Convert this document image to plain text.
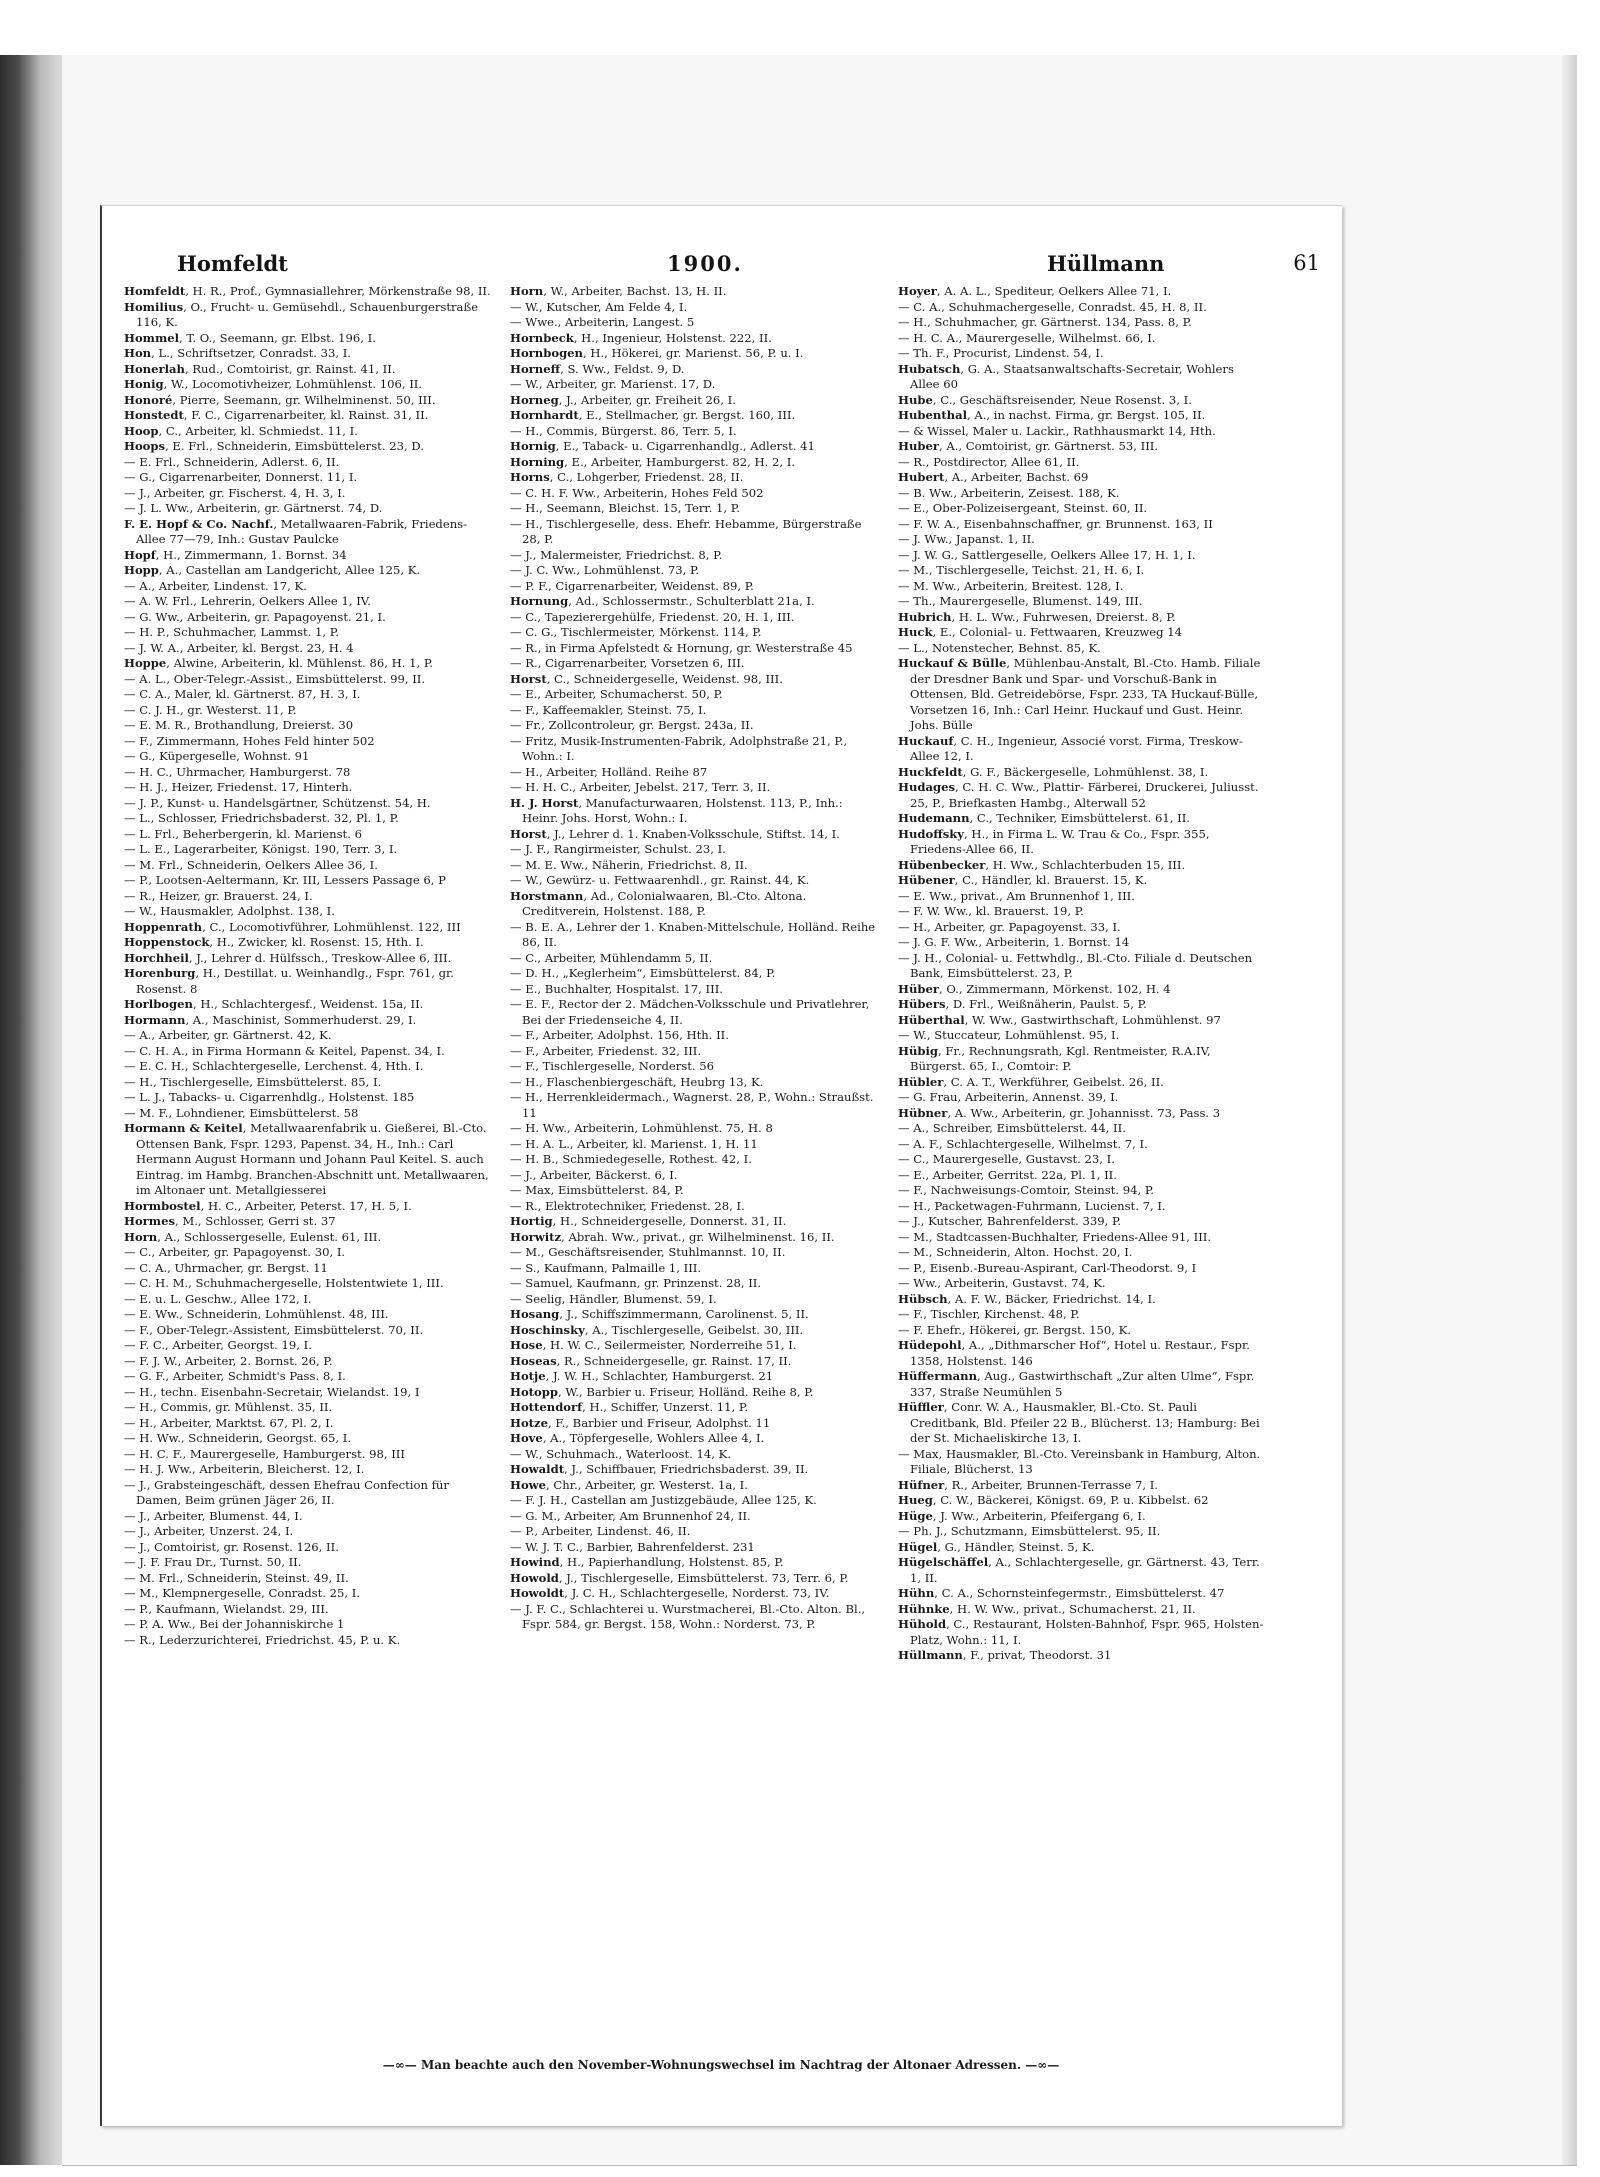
Homfeldt	1900.	Hüllmann	61
Homfeldt, H. R., Prof., Gymnasiallehrer, Mörkenstraße 98, II.
Homilius, O., Frucht- u. Gemüsehdl., Schauenburgerstraße 116, K.
Hommel, T. O., Seemann, gr. Elbst. 196, I.
Hon, L., Schriftsetzer, Conradst. 33, I.
Honerlah, Rud., Comtoirist, gr. Rainst. 41, II.
Honig, W., Locomotivheizer, Lohmühlenst. 106, II.
Honoré, Pierre, Seemann, gr. Wilhelminenst. 50, III.
Honstedt, F. C., Cigarrenarbeiter, kl. Rainst. 31, II.
Hoop, C., Arbeiter, kl. Schmiedst. 11, I.
Hoops, E. Frl., Schneiderin, Eimsbüttelerst. 23, D.
— E. Frl., Schneiderin, Adlerst. 6, II.
— G., Cigarrenarbeiter, Donnerst. 11, I.
— J., Arbeiter, gr. Fischerst. 4, H. 3, I.
— J. L. Ww., Arbeiterin, gr. Gärtnerst. 74, D.
F. E. Hopf & Co. Nachf., Metallwaaren-Fabrik, Friedens-Allee 77—79, Inh.: Gustav Paulcke
Hopf, H., Zimmermann, 1. Bornst. 34
Hopp, A., Castellan am Landgericht, Allee 125, K.
— A., Arbeiter, Lindenst. 17, K.
— A. W. Frl., Lehrerin, Oelkers Allee 1, IV.
— G. Ww., Arbeiterin, gr. Papagoyenst. 21, I.
— H. P., Schuhmacher, Lammst. 1, P.
— J. W. A., Arbeiter, kl. Bergst. 23, H. 4
Hoppe, Alwine, Arbeiterin, kl. Mühlenst. 86, H. 1, P.
— A. L., Ober-Telegr.-Assist., Eimsbüttelerst. 99, II.
— C. A., Maler, kl. Gärtnerst. 87, H. 3, I.
— C. J. H., gr. Westerst. 11, P.
— E. M. R., Brothandlung, Dreierst. 30
— F., Zimmermann, Hohes Feld hinter 502
— G., Küpergeselle, Wohnst. 91
— H. C., Uhrmacher, Hamburgerst. 78
— H. J., Heizer, Friedenst. 17, Hinterh.
— J. P., Kunst- u. Handelsgärtner, Schützenst. 54, H.
— L., Schlosser, Friedrichsbaderst. 32, Pl. 1, P.
— L. Frl., Beherbergerin, kl. Marienst. 6
— L. E., Lagerarbeiter, Königst. 190, Terr. 3, I.
— M. Frl., Schneiderin, Oelkers Allee 36, I.
— P., Lootsen-Aeltermann, Kr. III, Lessers Passage 6, P
— R., Heizer, gr. Brauerst. 24, I.
— W., Hausmakler, Adolphst. 138, I.
Hoppenrath, C., Locomotivführer, Lohmühlenst. 122, III
Hoppenstock, H., Zwicker, kl. Rosenst. 15, Hth. I.
Horchheil, J., Lehrer d. Hülfssch., Treskow-Allee 6, III.
Horenburg, H., Destillat. u. Weinhandlg., Fspr. 761, gr. Rosenst. 8
Horlbogen, H., Schlachtergesf., Weidenst. 15a, II.
Hormann, A., Maschinist, Sommerhuderst. 29, I.
— A., Arbeiter, gr. Gärtnerst. 42, K.
— C. H. A., in Firma Hormann & Keitel, Papenst. 34, I.
— E. C. H., Schlachtergeselle, Lerchenst. 4, Hth. I.
— H., Tischlergeselle, Eimsbüttelerst. 85, I.
— L. J., Tabacks- u. Cigarrenhdlg., Holstenst. 185
— M. F., Lohndiener, Eimsbüttelerst. 58
Hormann & Keitel, Metallwaarenfabrik u. Gießerei, Bl.-Cto. Ottensen Bank, Fspr. 1293, Papenst. 34, H., Inh.: Carl Hermann August Hormann und Johann Paul Keitel. S. auch Eintrag. im Hambg. Branchen-Abschnitt unt. Metallwaaren, im Altonaer unt. Metallgiesserei
Hormbostel, H. C., Arbeiter, Peterst. 17, H. 5, I.
Hormes, M., Schlosser, Gerri st. 37
Horn, A., Schlossergeselle, Eulenst. 61, III.
— C., Arbeiter, gr. Papagoyenst. 30, I.
— C. A., Uhrmacher, gr. Bergst. 11
— C. H. M., Schuhmachergeselle, Holstentwiete 1, III.
— E. u. L. Geschw., Allee 172, I.
— E. Ww., Schneiderin, Lohmühlenst. 48, III.
— F., Ober-Telegr.-Assistent, Eimsbüttelerst. 70, II.
— F. C., Arbeiter, Georgst. 19, I.
— F. J. W., Arbeiter, 2. Bornst. 26, P.
— G. F., Arbeiter, Schmidt's Pass. 8, I.
— H., techn. Eisenbahn-Secretair, Wielandst. 19, I
— H., Commis, gr. Mühlenst. 35, II.
— H., Arbeiter, Marktst. 67, Pl. 2, I.
— H. Ww., Schneiderin, Georgst. 65, I.
— H. C. F., Maurergeselle, Hamburgerst. 98, III
— H. J. Ww., Arbeiterin, Bleicherst. 12, I.
— J., Grabsteingeschäft, dessen Ehefrau Confection für Damen, Beim grünen Jäger 26, II.
— J., Arbeiter, Blumenst. 44, I.
— J., Arbeiter, Unzerst. 24, I.
— J., Comtoirist, gr. Rosenst. 126, II.
— J. F. Frau Dr., Turnst. 50, II.
— M. Frl., Schneiderin, Steinst. 49, II.
— M., Klempnergeselle, Conradst. 25, I.
— P., Kaufmann, Wielandst. 29, III.
— P. A. Ww., Bei der Johanniskirche 1
— R., Lederzurichterei, Friedrichst. 45, P. u. K.
Horn, W., Arbeiter, Bachst. 13, H. II.
— W., Kutscher, Am Felde 4, I.
— Wwe., Arbeiterin, Langest. 5
Hornbeck, H., Ingenieur, Holstenst. 222, II.
Hornbogen, H., Hökerei, gr. Marienst. 56, P. u. I.
Horneff, S. Ww., Feldst. 9, D.
— W., Arbeiter, gr. Marienst. 17, D.
Horneg, J., Arbeiter, gr. Freiheit 26, I.
Hornhardt, E., Stellmacher, gr. Bergst. 160, III.
— H., Commis, Bürgerst. 86, Terr. 5, I.
Hornig, E., Taback- u. Cigarrenhandlg., Adlerst. 41
Horning, E., Arbeiter, Hamburgerst. 82, H. 2, I.
Horns, C., Lohgerber, Friedenst. 28, II.
— C. H. F. Ww., Arbeiterin, Hohes Feld 502
— H., Seemann, Bleichst. 15, Terr. 1, P.
— H., Tischlergeselle, dess. Ehefr. Hebamme, Bürgerstraße 28, P.
— J., Malermeister, Friedrichst. 8, P.
— J. C. Ww., Lohmühlenst. 73, P.
— P. F., Cigarrenarbeiter, Weidenst. 89, P.
Hornung, Ad., Schlossermstr., Schulterblatt 21a, I.
— C., Tapezierergehülfe, Friedenst. 20, H. 1, III.
— C. G., Tischlermeister, Mörkenst. 114, P.
— R., in Firma Apfelstedt & Hornung, gr. Westerstraße 45
— R., Cigarrenarbeiter, Vorsetzen 6, III.
Horst, C., Schneidergeselle, Weidenst. 98, III.
— E., Arbeiter, Schumacherst. 50, P.
— F., Kaffeemakler, Steinst. 75, I.
— Fr., Zollcontroleur, gr. Bergst. 243a, II.
— Fritz, Musik-Instrumenten-Fabrik, Adolphstraße 21, P., Wohn.: I.
— H., Arbeiter, Holländ. Reihe 87
— H. H. C., Arbeiter, Jebelst. 217, Terr. 3, II.
H. J. Horst, Manufacturwaaren, Holstenst. 113, P., Inh.: Heinr. Johs. Horst, Wohn.: I.
Horst, J., Lehrer d. 1. Knaben-Volksschule, Stiftst. 14, I.
— J. F., Rangirmeister, Schulst. 23, I.
— M. E. Ww., Näherin, Friedrichst. 8, II.
— W., Gewürz- u. Fettwaarenhdl., gr. Rainst. 44, K.
Horstmann, Ad., Colonialwaaren, Bl.-Cto. Altona. Creditverein, Holstenst. 188, P.
— B. E. A., Lehrer der 1. Knaben-Mittelschule, Holländ. Reihe 86, II.
— C., Arbeiter, Mühlendamm 5, II.
— D. H., „Keglerheim“, Eimsbüttelerst. 84, P.
— E., Buchhalter, Hospitalst. 17, III.
— E. F., Rector der 2. Mädchen-Volksschule und Privatlehrer, Bei der Friedenseiche 4, II.
— F., Arbeiter, Adolphst. 156, Hth. II.
— F., Arbeiter, Friedenst. 32, III.
— F., Tischlergeselle, Norderst. 56
— H., Flaschenbiergeschäft, Heubrg 13, K.
— H., Herrenkleidermach., Wagnerst. 28, P., Wohn.: Straußst. 11
— H. Ww., Arbeiterin, Lohmühlenst. 75, H. 8
— H. A. L., Arbeiter, kl. Marienst. 1, H. 11
— H. B., Schmiedegeselle, Rothest. 42, I.
— J., Arbeiter, Bäckerst. 6, I.
— Max, Eimsbüttelerst. 84, P.
— R., Elektrotechniker, Friedenst. 28, I.
Hortig, H., Schneidergeselle, Donnerst. 31, II.
Horwitz, Abrah. Ww., privat., gr. Wilhelminenst. 16, II.
— M., Geschäftsreisender, Stuhlmannst. 10, II.
— S., Kaufmann, Palmaille 1, III.
— Samuel, Kaufmann, gr. Prinzenst. 28, II.
— Seelig, Händler, Blumenst. 59, I.
Hosang, J., Schiffszimmermann, Carolinenst. 5, II.
Hoschinsky, A., Tischlergeselle, Geibelst. 30, III.
Hose, H. W. C., Seilermeister, Norderreihe 51, I.
Hoseas, R., Schneidergeselle, gr. Rainst. 17, II.
Hotje, J. W. H., Schlachter, Hamburgerst. 21
Hotopp, W., Barbier u. Friseur, Holländ. Reihe 8, P.
Hottendorf, H., Schiffer, Unzerst. 11, P.
Hotze, F., Barbier und Friseur, Adolphst. 11
Hove, A., Töpfergeselle, Wohlers Allee 4, I.
— W., Schuhmach., Waterloost. 14, K.
Howaldt, J., Schiffbauer, Friedrichsbaderst. 39, II.
Howe, Chr., Arbeiter, gr. Westerst. 1a, I.
— F. J. H., Castellan am Justizgebäude, Allee 125, K.
— G. M., Arbeiter, Am Brunnenhof 24, II.
— P., Arbeiter, Lindenst. 46, II.
— W. J. T. C., Barbier, Bahrenfelderst. 231
Howind, H., Papierhandlung, Holstenst. 85, P.
Howold, J., Tischlergeselle, Eimsbüttelerst. 73, Terr. 6, P.
Howoldt, J. C. H., Schlachtergeselle, Norderst. 73, IV.
— J. F. C., Schlachterei u. Wurstmacherei, Bl.-Cto. Alton. Bl., Fspr. 584, gr. Bergst. 158, Wohn.: Norderst. 73, P.
Hoyer, A. A. L., Spediteur, Oelkers Allee 71, I.
— C. A., Schuhmachergeselle, Conradst. 45, H. 8, II.
— H., Schuhmacher, gr. Gärtnerst. 134, Pass. 8, P.
— H. C. A., Maurergeselle, Wilhelmst. 66, I.
— Th. F., Procurist, Lindenst. 54, I.
Hubatsch, G. A., Staatsanwaltschafts-Secretair, Wohlers Allee 60
Hube, C., Geschäftsreisender, Neue Rosenst. 3, I.
Hubenthal, A., in nachst. Firma, gr. Bergst. 105, II.
— & Wissel, Maler u. Lackir., Rathhausmarkt 14, Hth.
Huber, A., Comtoirist, gr. Gärtnerst. 53, III.
— R., Postdirector, Allee 61, II.
Hubert, A., Arbeiter, Bachst. 69
— B. Ww., Arbeiterin, Zeisest. 188, K.
— E., Ober-Polizeisergeant, Steinst. 60, II.
— F. W. A., Eisenbahnschaffner, gr. Brunnenst. 163, II
— J. Ww., Japanst. 1, II.
— J. W. G., Sattlergeselle, Oelkers Allee 17, H. 1, I.
— M., Tischlergeselle, Teichst. 21, H. 6, I.
— M. Ww., Arbeiterin, Breitest. 128, I.
— Th., Maurergeselle, Blumenst. 149, III.
Hubrich, H. L. Ww., Fuhrwesen, Dreierst. 8, P.
Huck, E., Colonial- u. Fettwaaren, Kreuzweg 14
— L., Notenstecher, Behnst. 85, K.
Huckauf & Bülle, Mühlenbau-Anstalt, Bl.-Cto. Hamb. Filiale der Dresdner Bank und Spar- und Vorschuß-Bank in Ottensen, Bld. Getreidebörse, Fspr. 233, TA Huckauf-Bülle, Vorsetzen 16, Inh.: Carl Heinr. Huckauf und Gust. Heinr. Johs. Bülle
Huckauf, C. H., Ingenieur, Associé vorst. Firma, Treskow-Allee 12, I.
Huckfeldt, G. F., Bäckergeselle, Lohmühlenst. 38, I.
Hudages, C. H. C. Ww., Plattir- Färberei, Druckerei, Juliusst. 25, P., Briefkasten Hambg., Alterwall 52
Hudemann, C., Techniker, Eimsbüttelerst. 61, II.
Hudoffsky, H., in Firma L. W. Trau & Co., Fspr. 355, Friedens-Allee 66, II.
Hübenbecker, H. Ww., Schlachterbuden 15, III.
Hübener, C., Händler, kl. Brauerst. 15, K.
— E. Ww., privat., Am Brunnenhof 1, III.
— F. W. Ww., kl. Brauerst. 19, P.
— H., Arbeiter, gr. Papagoyenst. 33, I.
— J. G. F. Ww., Arbeiterin, 1. Bornst. 14
— J. H., Colonial- u. Fettwhdlg., Bl.-Cto. Filiale d. Deutschen Bank, Eimsbüttelerst. 23, P.
Hüber, O., Zimmermann, Mörkenst. 102, H. 4
Hübers, D. Frl., Weißnäherin, Paulst. 5, P.
Hüberthal, W. Ww., Gastwirthschaft, Lohmühlenst. 97
— W., Stuccateur, Lohmühlenst. 95, I.
Hübig, Fr., Rechnungsrath, Kgl. Rentmeister, R.A.IV, Bürgerst. 65, I., Comtoir: P.
Hübler, C. A. T., Werkführer, Geibelst. 26, II.
— G. Frau, Arbeiterin, Annenst. 39, I.
Hübner, A. Ww., Arbeiterin, gr. Johannisst. 73, Pass. 3
— A., Schreiber, Eimsbüttelerst. 44, II.
— A. F., Schlachtergeselle, Wilhelmst. 7, I.
— C., Maurergeselle, Gustavst. 23, I.
— E., Arbeiter, Gerritst. 22a, Pl. 1, II.
— F., Nachweisungs-Comtoir, Steinst. 94, P.
— H., Packetwagen-Fuhrmann, Lucienst. 7, I.
— J., Kutscher, Bahrenfelderst. 339, P.
— M., Stadtcassen-Buchhalter, Friedens-Allee 91, III.
— M., Schneiderin, Alton. Hochst. 20, I.
— P., Eisenb.-Bureau-Aspirant, Carl-Theodorst. 9, I
— Ww., Arbeiterin, Gustavst. 74, K.
Hübsch, A. F. W., Bäcker, Friedrichst. 14, I.
— F., Tischler, Kirchenst. 48, P.
— F. Ehefr., Hökerei, gr. Bergst. 150, K.
Hüdepohl, A., „Dithmarscher Hof“, Hotel u. Restaur., Fspr. 1358, Holstenst. 146
Hüffermann, Aug., Gastwirthschaft „Zur alten Ulme“, Fspr. 337, Straße Neumühlen 5
Hüffler, Conr. W. A., Hausmakler, Bl.-Cto. St. Pauli Creditbank, Bld. Pfeiler 22 B., Blücherst. 13; Hamburg: Bei der St. Michaeliskirche 13, I.
— Max, Hausmakler, Bl.-Cto. Vereinsbank in Hamburg, Alton. Filiale, Blücherst. 13
Hüfner, R., Arbeiter, Brunnen-Terrasse 7, I.
Hueg, C. W., Bäckerei, Königst. 69, P. u. Kibbelst. 62
Hüge, J. Ww., Arbeiterin, Pfeifergang 6, I.
— Ph. J., Schutzmann, Eimsbüttelerst. 95, II.
Hügel, G., Händler, Steinst. 5, K.
Hügelschäffel, A., Schlachtergeselle, gr. Gärtnerst. 43, Terr. 1, II.
Hühn, C. A., Schornsteinfegermstr., Eimsbüttelerst. 47
Hühnke, H. W. Ww., privat., Schumacherst. 21, II.
Hühold, C., Restaurant, Holsten-Bahnhof, Fspr. 965, Holsten-Platz, Wohn.: 11, I.
Hüllmann, F., privat, Theodorst. 31
—∞— Man beachte auch den November-Wohnungswechsel im Nachtrag der Altonaer Adressen. —∞—
